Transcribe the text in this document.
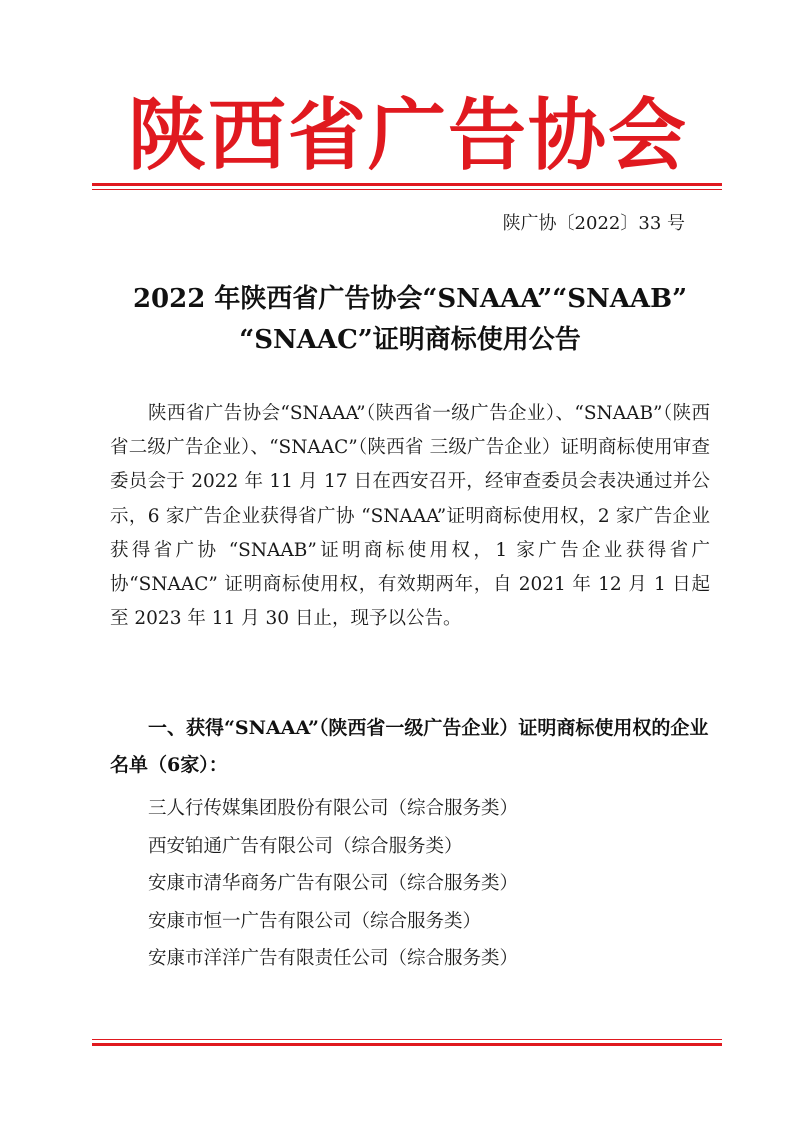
陕西省广告协会
陕广协〔2022〕33 号
2022 年陕西省广告协会“SNAAA”“SNAAB”
“SNAAC”证明商标使用公告

陕西省广告协会“SNAAA”（陕西省一级广告企业）、“SNAAB”（陕西省二级广告企业）、“SNAAC”（陕西省 三级广告企业）证明商标使用审查委员会于 2022 年 11 月 17 日在西安召开，经审查委员会表决通过并公示，6 家广告企业获得省广协 “SNAAA”证明商标使用权，2 家广告企业获得省广协 “SNAAB”证明商标使用权，1 家广告企业获得省广协“SNAAC” 证明商标使用权，有效期两年，自 2021 年 12 月 1 日起至 2023 年 11 月 30 日止，现予以公告。

一、获得“SNAAA”（陕西省一级广告企业）证明商标使用权的企业名单（6家）：

三人行传媒集团股份有限公司（综合服务类）
西安铂通广告有限公司（综合服务类）
安康市清华商务广告有限公司（综合服务类）
安康市恒一广告有限公司（综合服务类）
安康市洋洋广告有限责任公司（综合服务类）
